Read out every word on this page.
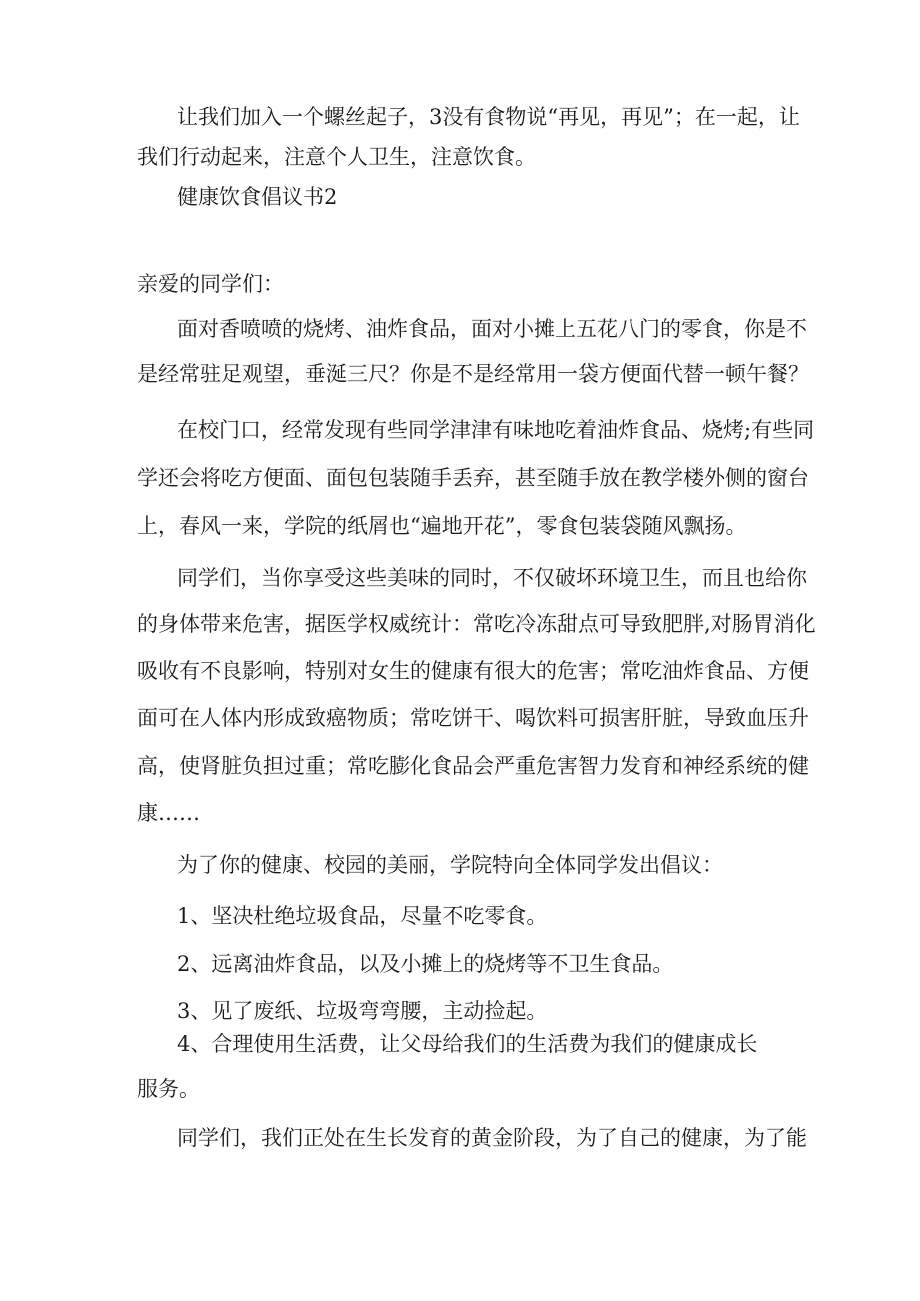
让我们加入一个螺丝起子，3没有食物说“再见，再见”；在一起，让
我们行动起来，注意个人卫生，注意饮食。
健康饮食倡议书2
亲爱的同学们：
面对香喷喷的烧烤、油炸食品，面对小摊上五花八门的零食，你是不
是经常驻足观望，垂涎三尺？你是不是经常用一袋方便面代替一顿午餐？
在校门口，经常发现有些同学津津有味地吃着油炸食品、烧烤;有些同
学还会将吃方便面、面包包装随手丢弃，甚至随手放在教学楼外侧的窗台
上，春风一来，学院的纸屑也“遍地开花”，零食包装袋随风飘扬。
同学们，当你享受这些美味的同时，不仅破坏环境卫生，而且也给你
的身体带来危害，据医学权威统计：常吃冷冻甜点可导致肥胖,对肠胃消化
吸收有不良影响，特别对女生的健康有很大的危害；常吃油炸食品、方便
面可在人体内形成致癌物质；常吃饼干、喝饮料可损害肝脏，导致血压升
高，使肾脏负担过重；常吃膨化食品会严重危害智力发育和神经系统的健
康……
为了你的健康、校园的美丽，学院特向全体同学发出倡议：
1、坚决杜绝垃圾食品，尽量不吃零食。
2、远离油炸食品，以及小摊上的烧烤等不卫生食品。
3、见了废纸、垃圾弯弯腰，主动捡起。
4、合理使用生活费，让父母给我们的生活费为我们的健康成长
服务。
同学们，我们正处在生长发育的黄金阶段，为了自己的健康，为了能
